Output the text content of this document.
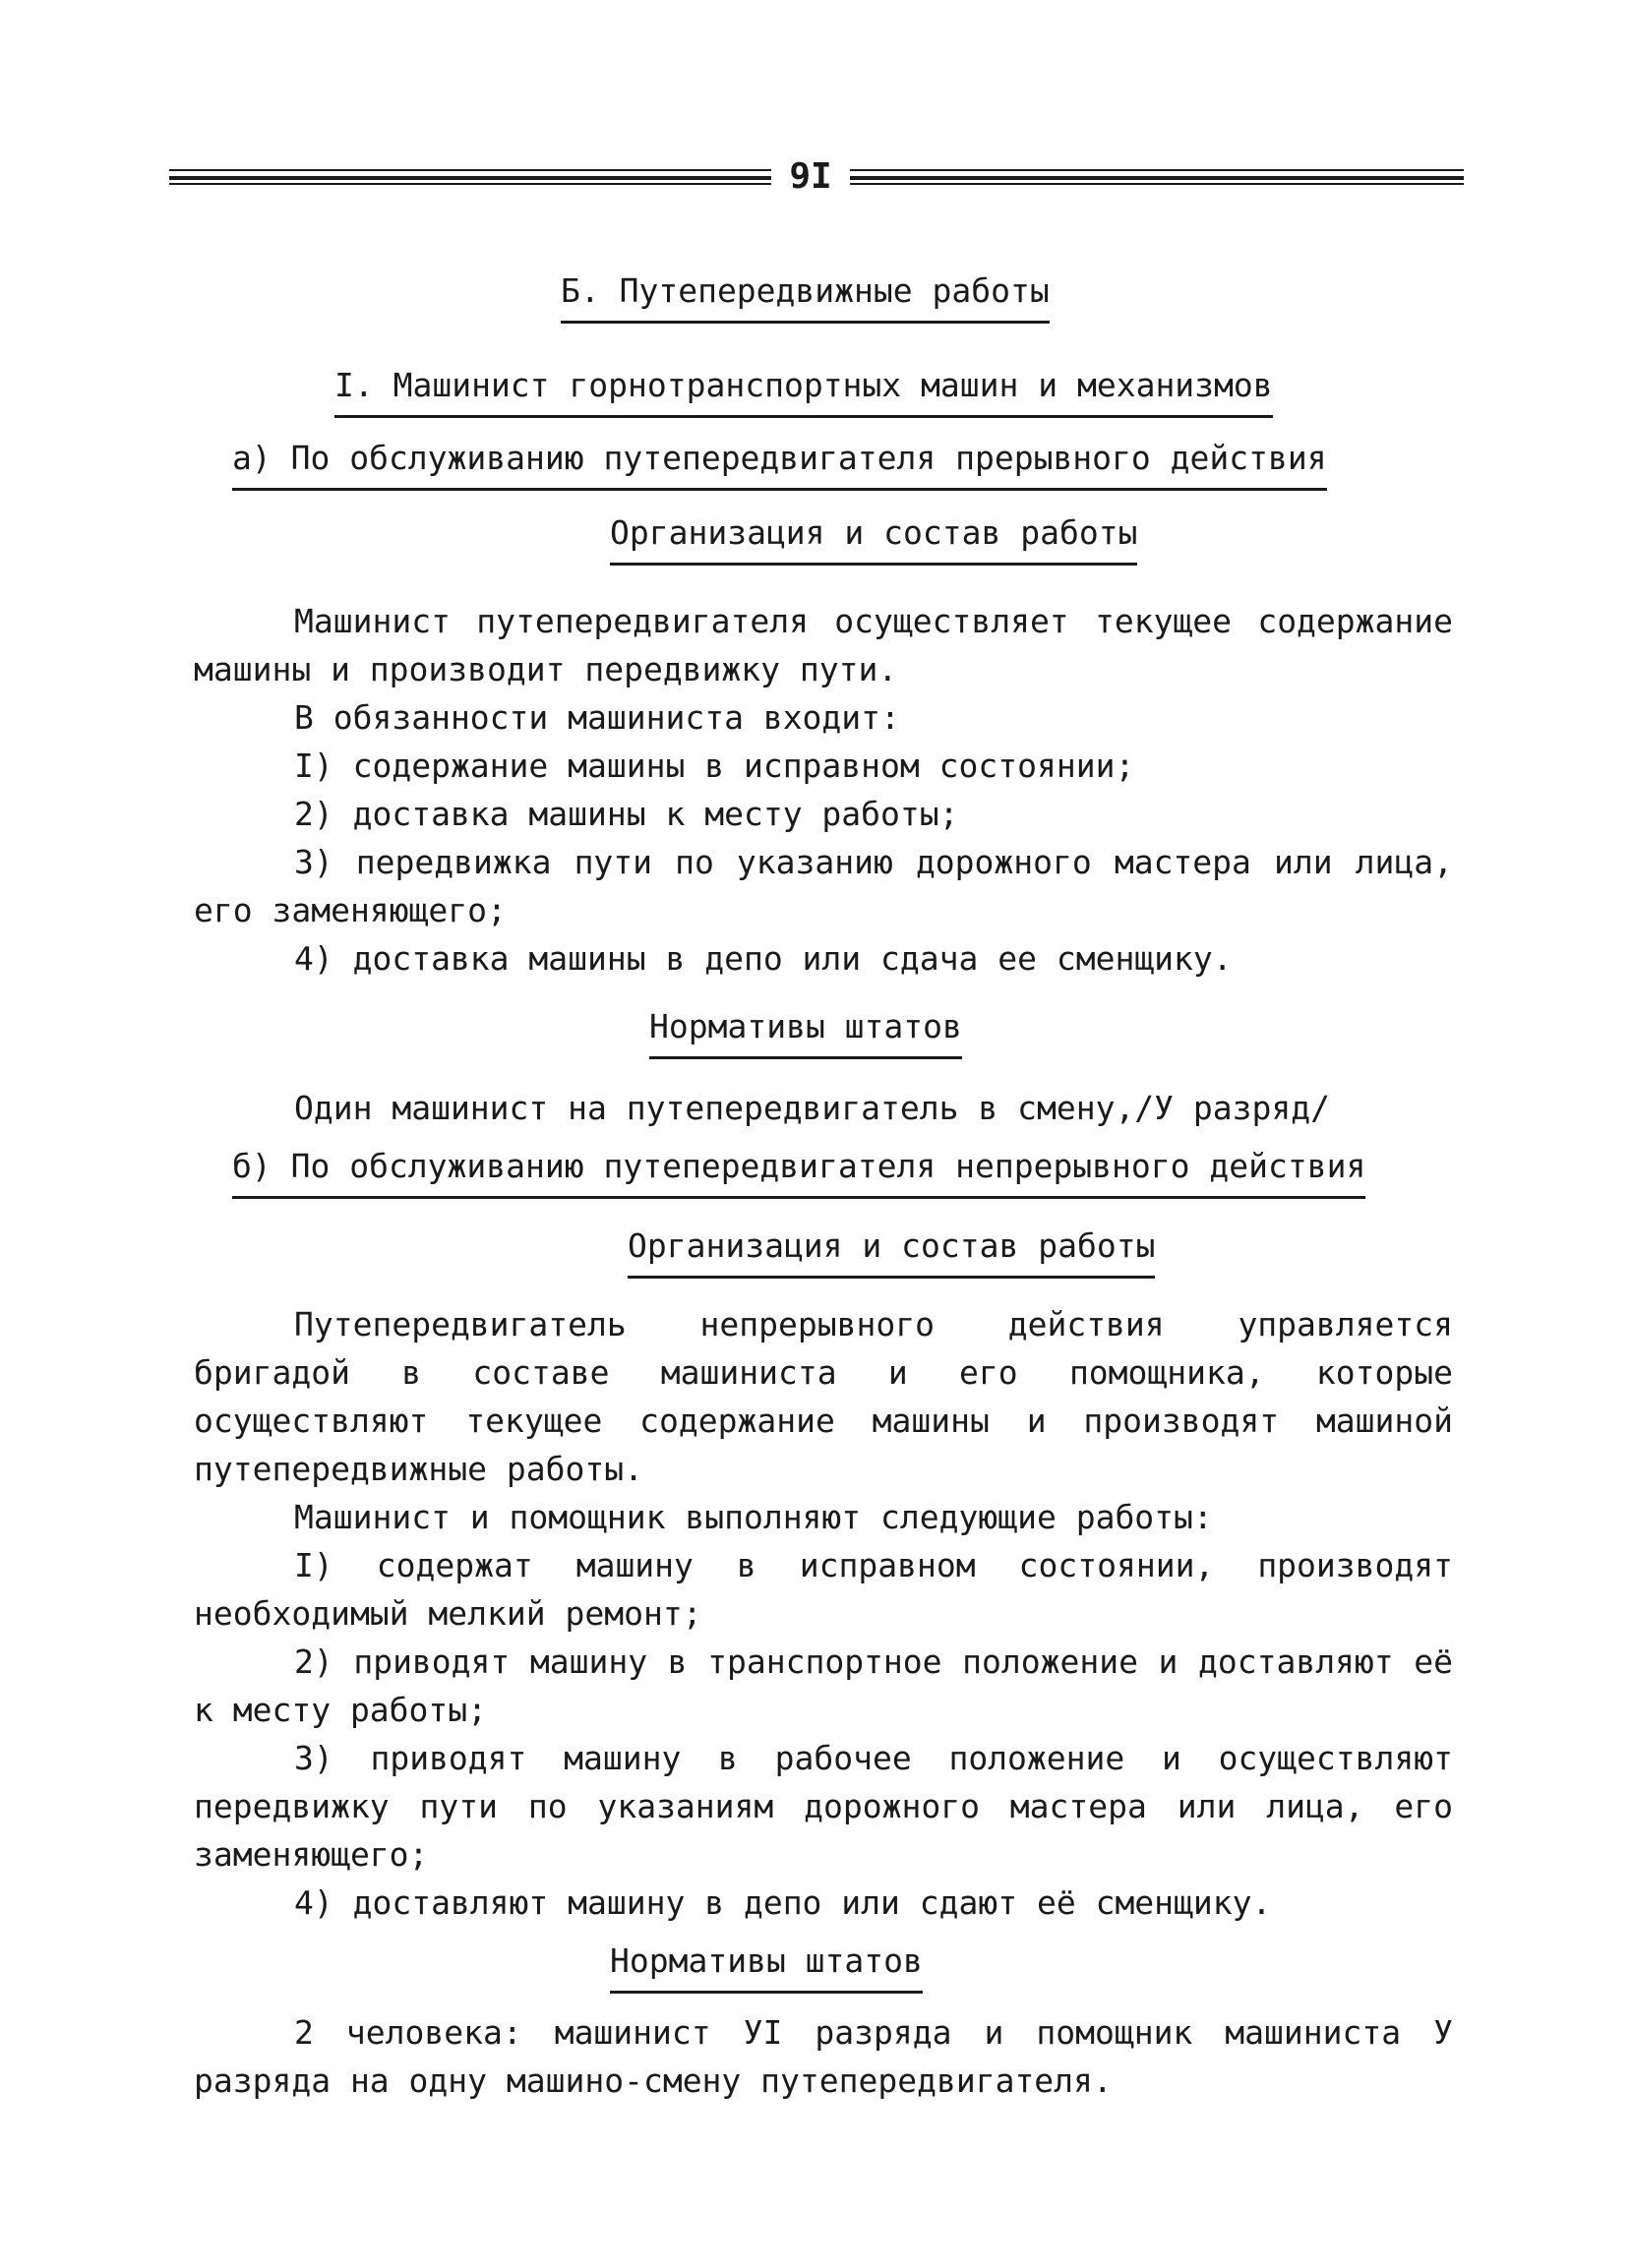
9I
Б. Путепередвижные работы
I. Машинист горнотранспортных машин и механизмов
а) По обслуживанию путепередвигателя прерывного действия
Организация и состав работы

Машинист путепередвигателя осуществляет текущее содержание машины и производит передвижку пути.

В обязанности машиниста входит:

I) содержание машины в исправном состоянии;

2) доставка машины к месту работы;

3) передвижка пути по указанию дорожного мастера или лица, его заменяющего;

4) доставка машины в депо или сдача ее сменщику.

Нормативы штатов
Один машинист на путепередвигатель в смену,/У разряд/
б) По обслуживанию путепередвигателя непрерывного действия
Организация и состав работы

Путепередвигатель непрерывного действия управляется бригадой в составе машиниста и его помощника, которые осуществляют текущее содержание машины и производят машиной путепередвижные работы.

Машинист и помощник выполняют следующие работы:

I) содержат машину в исправном состоянии, производят необходимый мелкий ремонт;

2) приводят машину в транспортное положение и доставляют её к месту работы;

3) приводят машину в рабочее положение и осуществляют передвижку пути по указаниям дорожного мастера или лица, его заменяющего;

4) доставляют машину в депо или сдают её сменщику.

Нормативы штатов

2 человека: машинист УI разряда и помощник машиниста У разряда на одну машино-смену путепередвигателя.
